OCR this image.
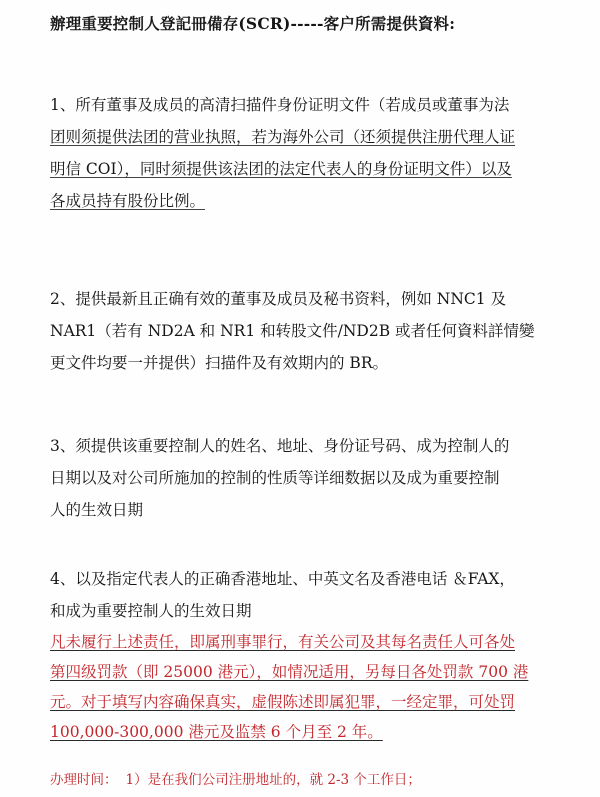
辦理重要控制人登記冊備存(SCR)-----客户所需提供資料:
1、所有董事及成员的高清扫描件身份证明文件（若成员或董事为法
团则须提供法团的营业执照，若为海外公司（还须提供注册代理人证
明信 COI），同时须提供该法团的法定代表人的身份证明文件）以及
各成员持有股份比例。
2、提供最新且正确有效的董事及成员及秘书资料，例如 NNC1 及
NAR1（若有 ND2A 和 NR1 和转股文件/ND2B 或者任何資料詳情變
更文件均要一并提供）扫描件及有效期内的 BR。
3、须提供该重要控制人的姓名、地址、身份证号码、成为控制人的
日期以及对公司所施加的控制的性质等详细数据以及成为重要控制
人的生效日期
4、以及指定代表人的正确香港地址、中英文名及香港电话 ＆FAX，
和成为重要控制人的生效日期
凡未履行上述责任，即属刑事罪行，有关公司及其每名责任人可各处
第四级罚款（即 25000 港元），如情况适用，另每日各处罚款 700 港
元。对于填写内容确保真实，虚假陈述即属犯罪，一经定罪，可处罚
100,000-300,000 港元及监禁 6 个月至 2 年。
办理时间： 1）是在我们公司注册地址的，就 2-3 个工作日；
